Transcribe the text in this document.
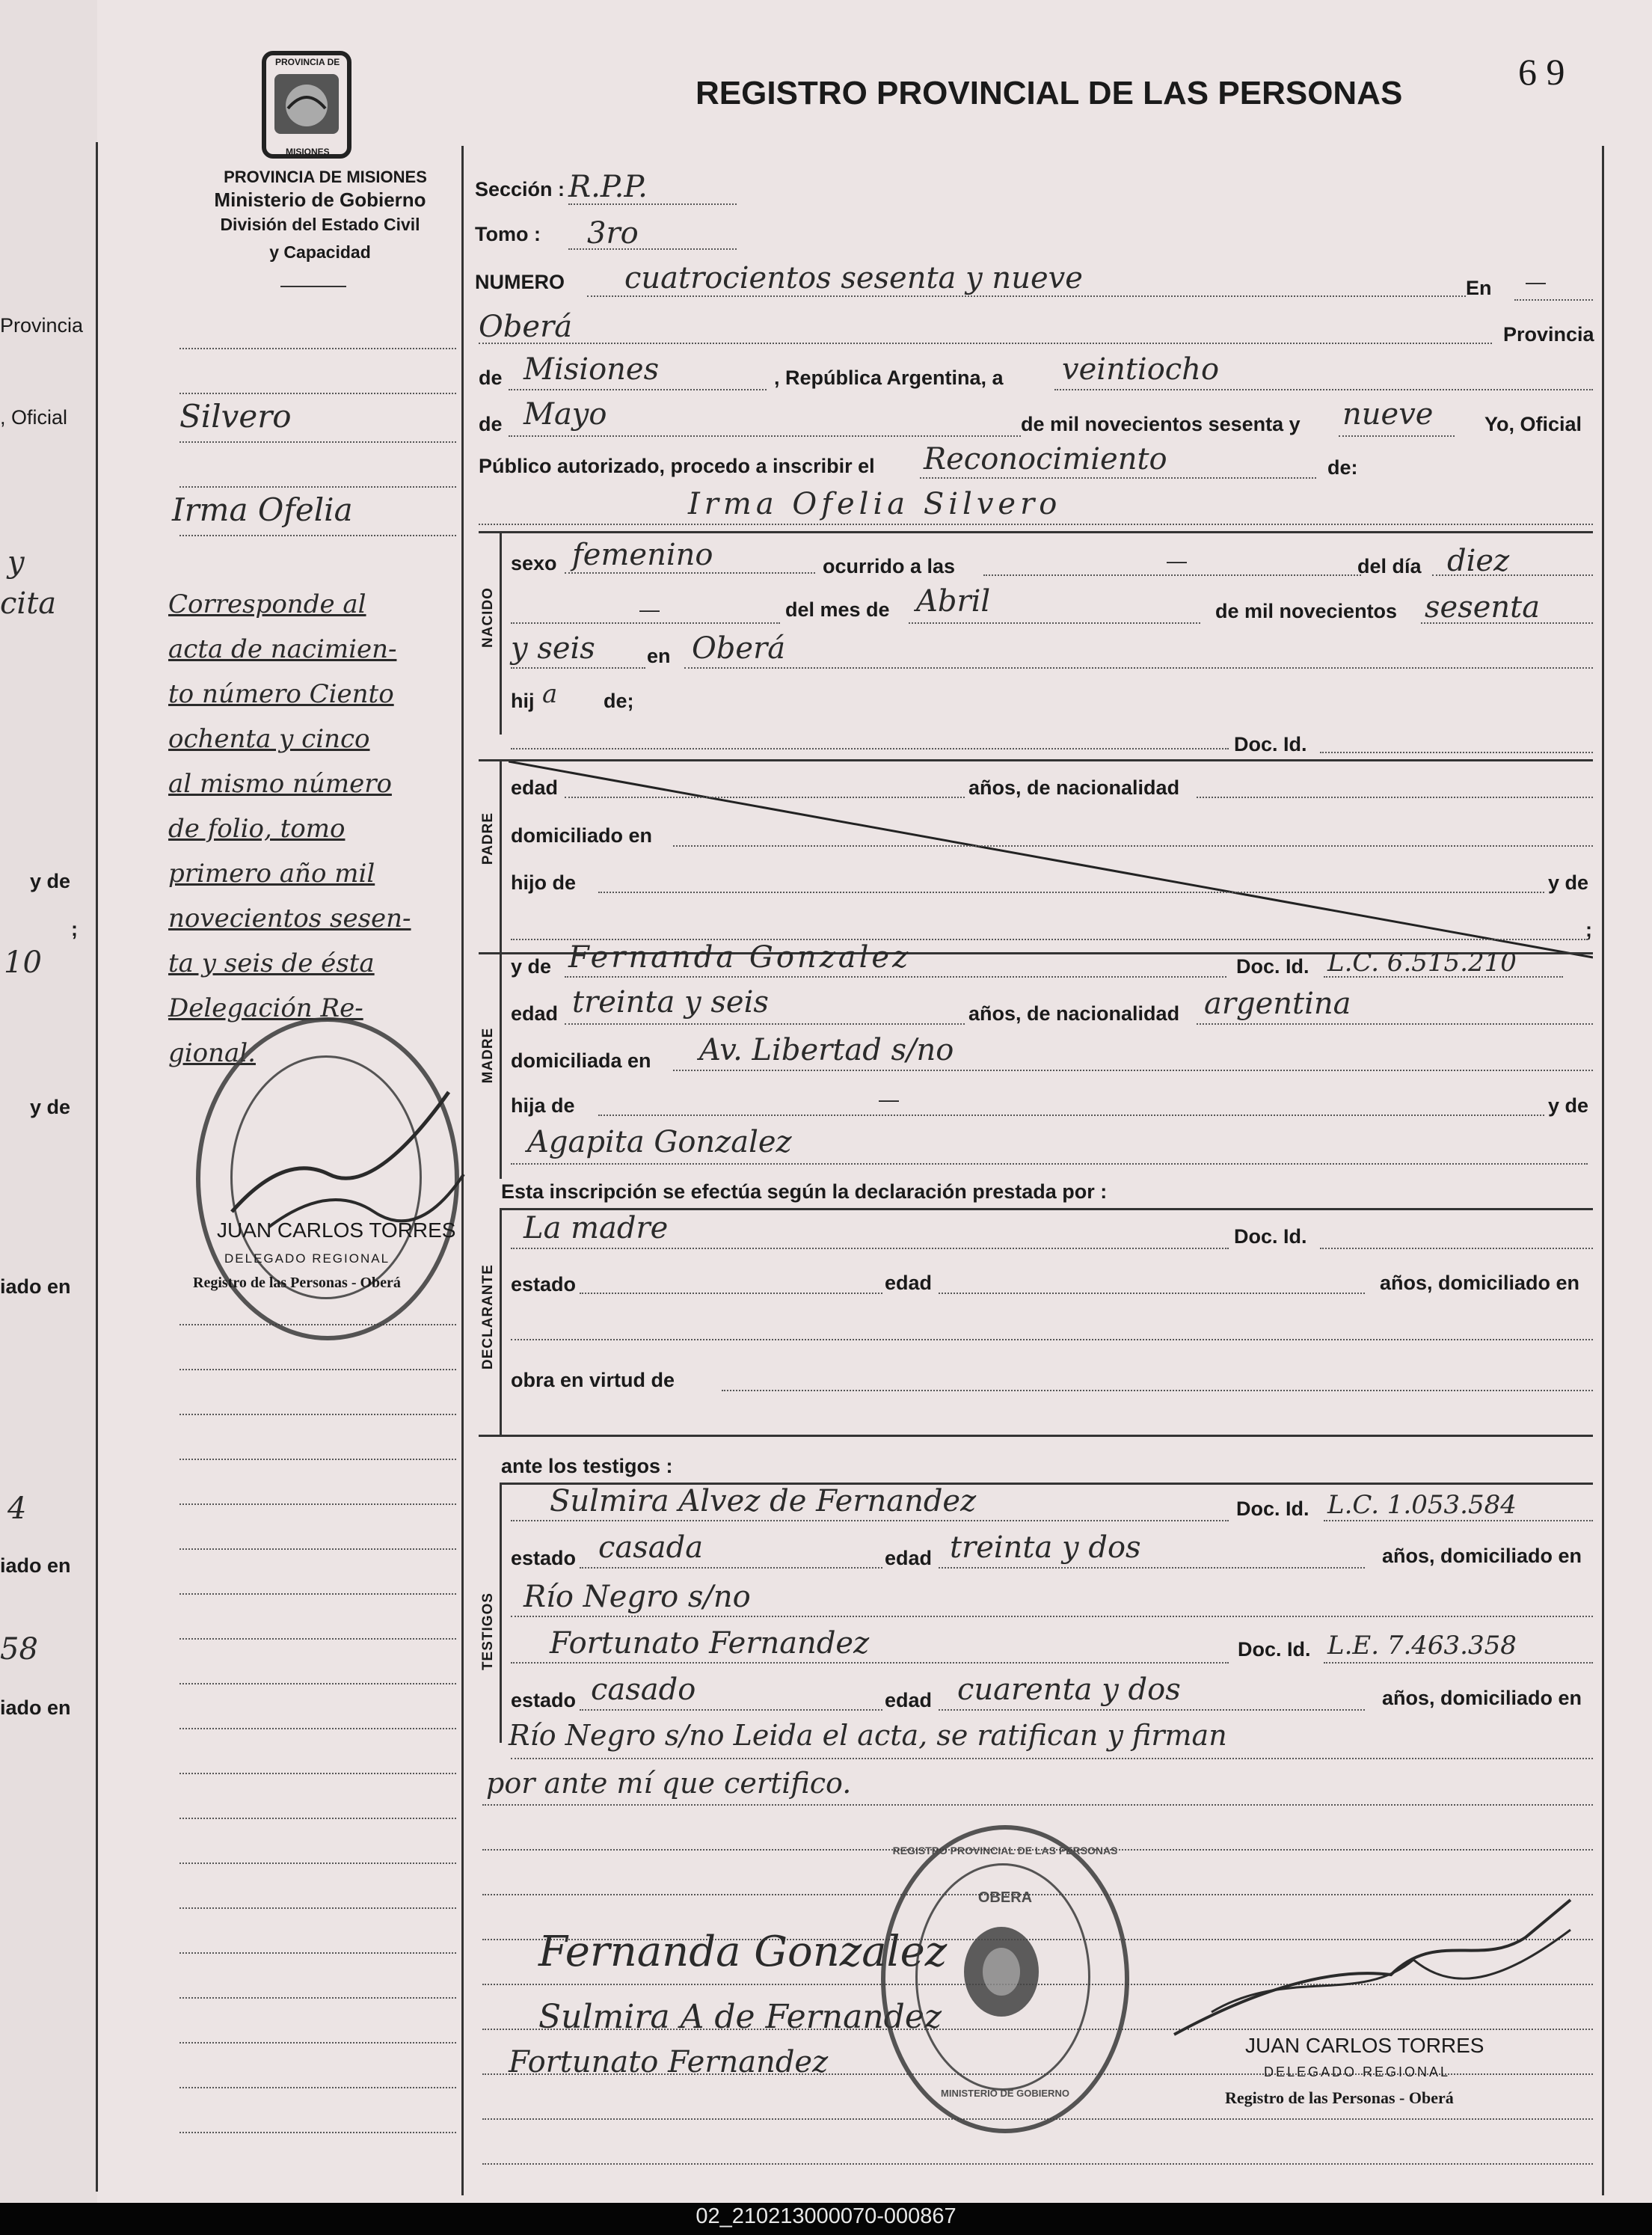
Provincia
, Oficial
y
cita
y de
;
10
y de
iado en
4
iado en
58
iado en
PROVINCIA DE
MISIONES
PROVINCIA DE MISIONES
Ministerio de Gobierno
División del Estado Civil
y Capacidad
REGISTRO PROVINCIAL DE LAS PERSONAS
6 9
Silvero
Irma Ofelia
Corresponde al
acta de nacimien-
to número Ciento
ochenta y cinco
al mismo número
de folio, tomo
primero año mil
novecientos sesen-
ta y seis de ésta
Delegación Re-
gional.
JUAN CARLOS TORRES
DELEGADO REGIONAL
Registro de las Personas - Oberá
Sección : R.P.P.
Tomo : 3ro
NUMERO cuatrocientos sesenta y nueve	En —
Oberá	Provincia
de Misiones	, República Argentina, a veintiocho
de Mayo	de mil novecientos sesenta y nueve	Yo, Oficial
Público autorizado, procedo a inscribir el Reconocimiento	de:
Irma Ofelia Silvero
NACIDO
sexo femenino	ocurrido a las	—	del día diez
—	del mes de Abril	de mil novecientos sesenta
y seis	en Oberá
hij a de;
Doc. Id.
PADRE
edad	años, de nacionalidad
domiciliado en
hijo de	y de
;
MADRE
y de Fernanda Gonzalez	Doc. Id. L.C. 6.515.210
edad treinta y seis	años, de nacionalidad argentina
domiciliada en Av. Libertad s/no
hija de	—	y de
Agapita Gonzalez
Esta inscripción se efectúa según la declaración prestada por :
DECLARANTE
La madre	Doc. Id.
estado	edad	años, domiciliado en
obra en virtud de
ante los testigos :
TESTIGOS
Sulmira Alvez de Fernandez	Doc. Id. L.C. 1.053.584
estado casada	edad treinta y dos	años, domiciliado en
Río Negro s/no
Fortunato Fernandez	Doc. Id. L.E. 7.463.358
estado casado	edad cuarenta y dos	años, domiciliado en
Río Negro s/no Leida el acta, se ratifican y firman
por ante mí que certifico.
Fernanda Gonzalez
Sulmira A de Fernandez
Fortunato Fernandez
REGISTRO PROVINCIAL DE LAS PERSONAS
OBERA
MINISTERIO DE GOBIERNO
JUAN CARLOS TORRES
DELEGADO REGIONAL
Registro de las Personas - Oberá
02_210213000070-000867
